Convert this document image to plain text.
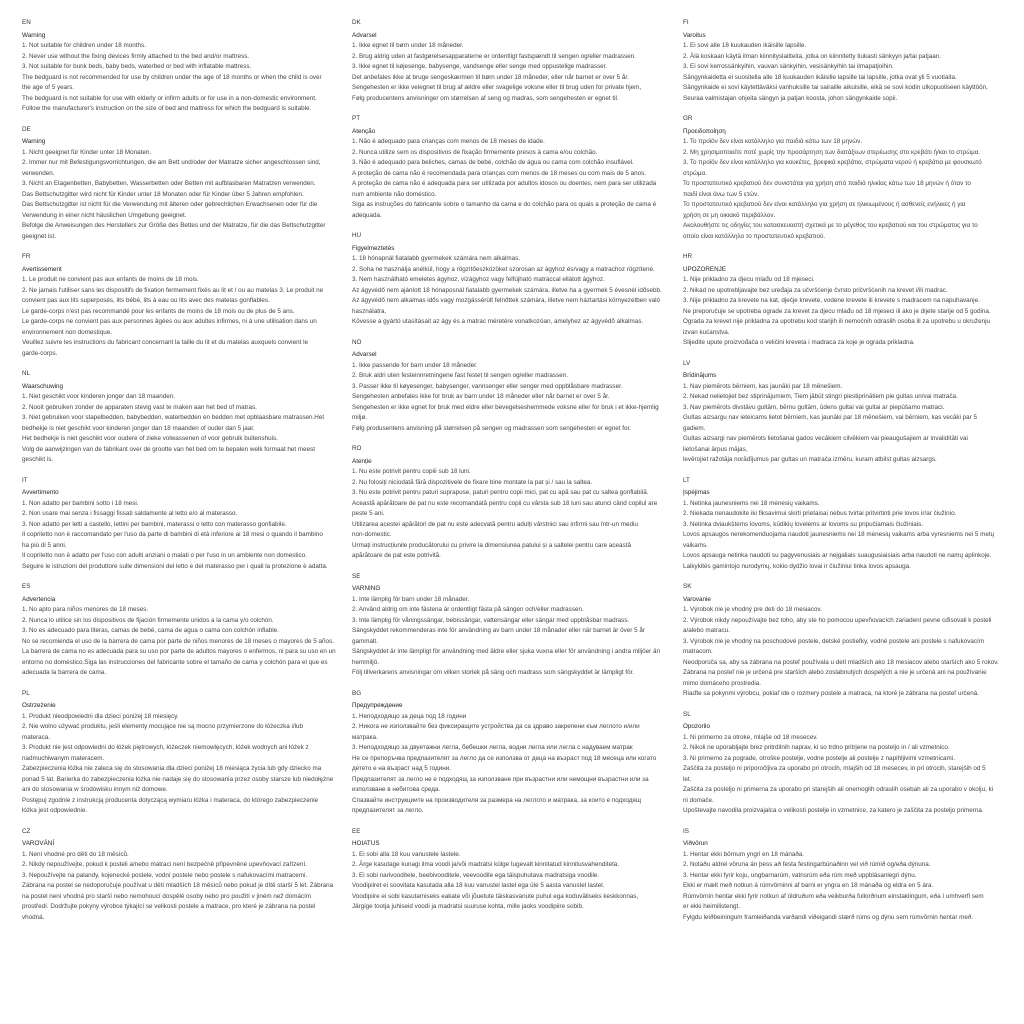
EN
Warning
1. Not suitable for children under 18 months.
2. Never use without the fixing devices firmly attached to the bed and/or mattress.
3. Not suitable for bunk beds, baby beds, waterbed or bed with inflatable mattress.
The bedguard is not recommended for use by children under the age of 18 months or when the child is over
the age of 5 years.
The bedguard is not suitable for use with elderly or infirm adults or for use in a non-domestic environment.
Follow the manufacturer's instruction on the size of bed and mattress for which the bedguard is suitable.
DE
Warning
1. Nicht geeignet für Kinder unter 18 Monaten.
2. Immer nur mit Befestigungsvorrichtungen, die am Bett und/oder der Matratze sicher angeschlossen sind,
verwenden.
3. Nicht an Etagenbetten, Babybetten, Wasserbetten oder Betten mit aufblasbaren Matratzen verwenden.
Das Bettschutzgitter wird nicht für Kinder unter 18 Monaten oder für Kinder über 5 Jahren empfohlen.
Das Bettschutzgitter ist nicht für die Verwendung mit älteren oder gebrechlichen Erwachsenen oder für die
Verwendung in einer nicht häuslichen Umgebung geeignet.
Befolge die Anweisungen des Herstellers zur Größe des Bettes und der Matratze, für die das Bettschutzgitter
geeignet ist.
FR
Avertissement
1. Le produit ne convient pas aux enfants de moins de 18 mois.
2. Ne jamais l'utiliser sans les dispositifs de fixation fermement fixés au lit et / ou au matelas 3. Le produit ne
convient pas aux lits superposés, lits bébé, lits à eau ou lits avec des matelas gonflables.
Le garde-corps n'est pas recommandé pour les enfants de moins de 18 mois ou de plus de 5 ans.
Le garde-corps ne convient pas aux personnes âgées ou aux adultes infirmes, ni à une utilisation dans un
environnement non domestique.
Veuillez suivre les instructions du fabricant concernant la taille du lit et du matelas auxquels convient le
garde-corps.
NL
Waarschuwing
1. Niet geschikt voor kinderen jonger dan 18 maanden.
2. Nooit gebruiken zonder de apparaten stevig vast te maken aan het bed of matras.
3. Niet gebruiken voor stapelbedden, babybedden, waterbedden en bedden met opblaasbare matrassen.Het
bedhekje is niet geschikt voor kinderen jonger dan 18 maanden of ouder dan 5 jaar.
Het bedhekje is niet geschikt voor oudere of zieke volwassenen of voor gebruik buitenshuis.
Volg de aanwijzingen van de fabrikant over de grootte van het bed om te bepalen welk formaat het meest
geschikt is.
IT
Avvertimento
1. Non adatto per bambini sotto i 18 mesi.
2. Non usare mai senza i fissaggi fissati saldamente al letto e/o al materasso.
3. Non adatto per letti a castello, lettini per bambini, materassi o letto con materasso gonfiabile.
Il copriletto non è raccomandato per l'uso da parte di bambini di età inferiore ai 18 mesi o quando il bambino
ha più di 5 anni.
Il copriletto non è adatto per l'uso con adulti anziani o malati o per l'uso in un ambiente non domestico.
Seguire le istruzioni del produttore sulle dimensioni del letto e del materasso per i quali la protezione è adatta.
ES
Advertencia
1. No apto para niños menores de 18 meses.
2. Nunca lo utilice sin los dispositivos de fijación firmemente unidos a la cama y/o colchón.
3. No es adecuado para literas, camas de bebé, cama de agua o cama con colchón inflable.
No se recomienda el uso de la barrera de cama por parte de niños menores de 18 meses o mayores de 5 años.
La barrera de cama no es adecuada para su uso por parte de adultos mayores o enfermos, ni para su uso en un
entorno no doméstico.Siga las instrucciones del fabricante sobre el tamaño de cama y colchón para el que es
adecuada la barrera de cama.
PL
Ostrzeżenie
1. Produkt nieodpowiedni dla dzieci poniżej 18 miesięcy.
2. Nie wolno używać produktu, jeśli elementy mocujące nie są mocno przymierzone do łóżeczka i/lub
materaca.
3. Produkt nie jest odpowiedni do łóżek piętrowych, łóżeczek niemowlęcych, łóżek wodnych ani łóżek z
nadmuchiwanym materacem.
Zabezpieczenia łóżka nie zaleca się do stosowania dla dzieci poniżej 18 miesiąca życia lub gdy dziecko ma
ponad 5 lat. Barierka do zabezpieczenia łóżka nie nadaje się do stosowania przez osoby starsze lub niedołężne
ani do stosowania w środowisku innym niż domowe.
Postępuj zgodnie z instrukcją producenta dotyczącą wymiaru łóżka i materaca, do którego zabezpieczenie
łóżka jest odpowiednie.
CZ
VAROVÁNÍ
1. Není vhodné pro děti do 18 měsíců.
2. Nikdy nepoužívejte, pokud k posteli a/nebo matraci není bezpečně připevněné upevňovací zařízení.
3. Nepoužívejte na palandy, kojenecké postele, vodní postele nebo postele s nafukovacími matracemi.
Zábrana na postel se nedoporučuje používat u dětí mladších 18 měsíců nebo pokud je dítě starší 5 let. Zábrana
na postel není vhodná pro starší nebo nemohoucí dospělé osoby nebo pro použití v jiném než domácím
prostředí. Dodržujte pokyny výrobce týkající se velikosti postele a matrace, pro které je zábrana na postel
vhodná.
DK
Advarsel
1. Ikke egnet til børn under 18 måneder.
2. Brug aldrig uden at fastgørelsesapparaterne er ordentligt fastspændt til sengen og/eller madrassen.
3. Ikke egnet til køjesenge, babysenge, vandsenge eller senge med oppustelige madrasser.
Det anbefales ikke at bruge sengeskærmen til børn under 18 måneder, eller når barnet er over 5 år.
Sengehesten er ikke velegnet til brug af ældre eller svagelige voksne eller til brug uden for private hjem,
Følg producentens anvisninger om størrelsen af seng og madras, som sengehesten er egnet til.
PT
Atenção
1. Não é adequado para crianças com menos de 18 meses de idade.
2. Nunca utilize sem os dispositivos de fixação firmemente presos à cama e/ou colchão.
3. Não é adequado para beliches, camas de bebé, colchão de água ou cama com colchão insuflável.
A proteção de cama não é recomendada para crianças com menos de 18 meses ou com mais de 5 anos.
A proteção de cama não é adequada para ser utilizada por adultos idosos ou doentes, nem para ser utilizada
num ambiente não doméstico.
Siga as instruções do fabricante sobre o tamanho da cama e do colchão para os quais a proteção de cama é
adequada.
HU
Figyelmeztetés
1. 18 hónapnál fiatalabb gyermekek számára nem alkalmas.
2. Soha ne használja anélkül, hogy a rögzítőeszközöket szorosan az ágyhoz és/vagy a matrachoz rögzítené.
3. Nem használható emeletes ágyhoz, vízágyhoz vagy felfújható matraccal ellátott ágyhoz.
Az ágyvédő nem ajánlott 18 hónaposnál fiatalabb gyermekek számára, illetve ha a gyermek 5 évesnél idősebb.
Az ágyvédő nem alkalmas idős vagy mozgássérült felnőttek számára, illetve nem háztartási környezetben való
használatra,
Kövesse a gyártó utasításait az ágy és a matrac méretére vonatkozóan, amelyhez az ágyvédő alkalmas.
NO
Advarsel
1. Ikke passende for barn under 18 måneder.
2. Bruk aldri uten festeinnretningene fast festet til sengen og/eller madrassen.
3. Passer ikke til køyesenger, babysenger, vannsenger eller senger med oppblåsbare madrasser.
Sengehesten anbefales ikke for bruk av barn under 18 måneder eller når barnet er over 5 år.
Sengehesten er ikke egnet for bruk med eldre eller bevegelseshemmede voksne eller for bruk i et ikke-hjemlig
miljø.
Følg produsentens anvisning på størrelsen på sengen og madrassen som sengehesten er egnet for.
RO
Atenție
1. Nu este potrivit pentru copiii sub 18 luni.
2. Nu folosiți niciodată fără dispozitivele de fixare bine montate la pat și / sau la saltea.
3. Nu este potrivit pentru paturi suprapuse, paturi pentru copii mici, pat cu apă sau pat cu saltea gonflabilă.
Această apărătoare de pat nu este recomandată pentru copii cu vârsta sub 18 luni sau atunci când copilul are
peste 5 ani.
Utilizarea acestei apărători de pat nu este adecvată pentru adulți vârstnici sau infirmi sau într-un mediu
non-domestic.
Urmați instrucțiunile producătorului cu privire la dimensiunea patului și a saltelei pentru care această
apărătoare de pat este potrivită.
SE
VARNING
1. Inte lämplig för barn under 18 månader.
2. Använd aldrig om inte fästena är ordentligt fästa på sängen och/eller madrassen.
3. Inte lämplig för våningssängar, bebissängar, vattensängar eller sängar med uppblåsbar madrass.
Sängskyddet rekommenderas inte för användning av barn under 18 månader eller när barnet är över 5 år
gammalt.
Sängskyddet är inte lämpligt för användning med äldre eller sjuka vuxna eller för användning i andra miljöer än
hemmiljö.
Följ tillverkarens anvisningar om vilken storlek på säng och madrass som sängskyddet är lämpligt för.
BG
Предупреждение
1. Неподходящо за деца под 18 години
2. Никога не използвайте без фиксиращите устройства да са здраво закрепени към леглото и/или
матрака.
3. Неподходящо за двуетажни легла, бебешки легла, водни легла или легла с надуваем матрак
Не се препоръчва предпазителят за легло да се използва от деца на възраст под 18 месеца или когато
детето е на възраст над 5 години.
Предпазителят за легло не е подходящ за използване при възрастни или немощни възрастни или за
използване в небитова среда.
Спазвайте инструкциите на производителя за размера на леглото и матрака, за които е подходящ
предпазителят за легло.
EE
HOIATUS
1. Ei sobi alla 18 kuu vanustele lastele.
2. Ärge kasutage kunagi ilma voodi ja/või madratsi külge tugevalt kinnitatud kinnitusvahenditeta.
3. Ei sobi narivooditele, beebivooditele, veevoodile ega täispuhutava madratsiga voodile.
Voodipiiret ei soovitata kasutada alla 18 kuu vanustel lastel ega üle 5 aasta vanustel lastel.
Voodipiire ei sobi kasutamiseks eakate või jõuetute täiskasvanute puhul ega koduväliseks keskkonnas,
Järgige tootja juhiseid voodi ja madratsi suuruse kohta, mille jaoks voodipiire sobib.
FI
Varoitus
1. Ei sovi alle 18 kuukauden ikäisille lapsille.
2. Älä koskaan käytä ilman kiinnityslaitteita, jotka on kiinnitetty tiukasti sänkyyn ja/tai patjaan.
3. Ei sovi kerrossänkyihin, vauvan sänkyihin, vesisänkyihin tai ilmapatjoihin.
Sängynkaidetta ei suositella alle 18 kuukauden ikäisille lapsille tai lapsille, jotka ovat yli 5 vuotiaita.
Sängynkaide ei sovi käytettäväksi vanhuksille tai sairaille aikuisille, eikä se sovi kodin ulkopuoliseen käyttöön,
Seuraa valmistajan ohjeita sängyn ja patjan koosta, johon sängynkaide sopii.
GR
Προειδοποίηση
1. Το προϊόν δεν είναι κατάλληλο για παιδιά κάτω των 18 μηνών.
2. Μη χρησιμοποιείτε ποτέ χωρίς την προσάρτηση των διατάξεων στερέωσης στο κρεβάτι ή/και το στρώμα.
3. Το προϊόν δεν είναι κατάλληλο για κουκέτες, βρεφικά κρεβάτια, στρώματα νερού ή κρεβάτια με φουσκωτό
στρώμα.
Το προστατευτικό κρεβατιού δεν συνιστάται για χρήση από παιδιά ηλικίας κάτω των 18 μηνών ή όταν το
παιδί είναι άνω των 5 ετών.
Το προστατευτικό κρεβατιού δεν είναι κατάλληλο για χρήση σε ηλικιωμένους ή ασθενείς ενήλικες ή για
χρήση σε μη οικιακό περιβάλλον.
Ακολουθήστε τις οδηγίες του κατασκευαστή σχετικά με το μέγεθος του κρεβατιού και του στρώματος για το
οποίο είναι κατάλληλο το προστατευτικό κρεβατιού.
HR
UPOZORENJE
1. Nije prikladno za djecu mlađu od 18 mjeseci.
2. Nikad ne upotrebljavajte bez uređaja za učvršćenje čvrsto pričvršćenih na krevet i/ili madrac.
3. Nije prikladno za krevete na kat, dječje krevete, vodene krevete ili krevete s madracem na napuhavanje.
Ne preporučuje se upotreba ograde za krevet za djecu mlađu od 18 mjeseci ili ako je dijete starije od 5 godina.
Ograda za krevet nije prikladna za upotrebu kod starijih ili nemoćnih odraslih osoba ili za upotrebu u okruženju
izvan kućanstva.
Slijedite upute proizvođača o veličini kreveta i madraca za koje je ograda prikladna.
LV
Brīdinājums
1. Nav piemērots bērniem, kas jaunāki par 18 mēnešiem.
2. Nekad nelietojiet bez stiprinājumiem, Tiem jābūt stingri piestiprinātiem pie gultas un/vai matrača.
3. Nav piemērots divstāvu gultām, bērnu gultām, ūdens gultai vai gultai ar piepūšamo matraci.
Gultas aizsargu nav ieteicams lietot bērniem, kas jaunāki par 18 mēnešiem, vai bērniem, kas vecāki par 5
gadiem.
Gultas aizsargi nav piemērots lietošanai gados vecākiem cilvēkiem vai pieaugušajiem ar invaliditāti vai
lietošanai ārpus mājas,
levērojiet ražotāja norādījumus par gultas un matrača izmēru, kuram atbilst gultas aizsargs.
LT
Įspėjimas
1. Netinka jaunesniems nei 18 mėnesių vaikams.
2. Niekada nenaudokite iki fiksavimui skirti prietaisai nebus tvirtai pritvirtinti prie lovos ir/ar čiužinio.
3. Netinka dviaukštėms lovoms, kūdikių lovelėms ar lovoms su pripučiamais čiužiniais.
Lovos apsaugos nerekomenduojama naudoti jaunesniems nei 18 mėnesių vaikams arba vyresniems nei 5 metų
vaikams.
Lovos apsauga netinka naudoti su pagyvenusiais ar neįgaliais suaugusiaisiais arba naudoti ne namų aplinkoje.
Laikykitės gamintojo nurodymų, kokio dydžio lovai ir čiužiniui tinka lovos apsauga.
SK
Varovanie
1. Výrobok nie je vhodný pre deti do 18 mesiacov.
2. Výrobok nikdy nepoužívajte bez toho, aby ste ho pomocou upevňovacích zariadení pevne cďisovali k posteli
a/alebo matracu.
3. Výrobok nie je vhodný na poschodové postele, detské postieľky, vodné postele ani postele s nafukovacím
matracom.
Neodporúča sa, aby sa zábrana na posteľ používala u detí mladších ako 18 mesiacov alebo starších ako 5 rokov.
Zábrana na posteľ nie je určená pre starších alebo zoslabnutých dospelých a nie je určená ani na používanie
mimo domáceho prostredia.
Riaďte sa pokynmi výrobcu, pokiaľ ide o rozmery postele a matraca, na ktoré je zábrana na posteľ určená.
SL
Opozorilo
1. Ni primerno za otroke, mlajše od 18 mesecev.
2. Nikoli ne uporabljajte brez pritrdilnih naprav, ki so trdno pritrjene na posteljo in / ali vzmetnico.
3. Ni primerno za pograde, otroške postelje, vodne postelje ali postelje z napihljivimi vzmetnicami.
Zaščita za posteljo ni priporočljiva za uporabo pri otrocih, mlajših od 18 mesecev, in pri otrocih, starejših od 5
let.
Zaščita za posteljo ni primerna za uporabo pri starejših ali onemoglih odraslih osebah ali za uporabo v okolju, ki
ni domače.
Upoštevajte navodila proizvajalca o velikosti postelje in vzmetnice, za katero je zaščita za posteljo primerna.
IS
Viðvörun
1. Hentar ekki börnum yngri en 18 mánaða.
2. Notaðu aldrei vöruna án þess að festa festingarbúnaðinn vel við rúmið og/eða dýnuna.
3. Hentar ekki fyrir koju, ungbarnarúm, vatnsrúm eða rúm með uppblásanlegri dýnu.
Ekki er mælt með notkun á rúmvörninni af barni er yngra en 18 mánaða og eldra en 5 ára.
Rúmvörnin hentar ekki fyrir notkun af öldruðum eða veikburða fullorðnum einstaklingum, eða í umhverfi sem
er ekki heimilistengt.
Fylgdu leiðbeiningum framleiðanda varðandi viðeigandi stærð rúms og dýnu sem rúmvörnin hentar með.
